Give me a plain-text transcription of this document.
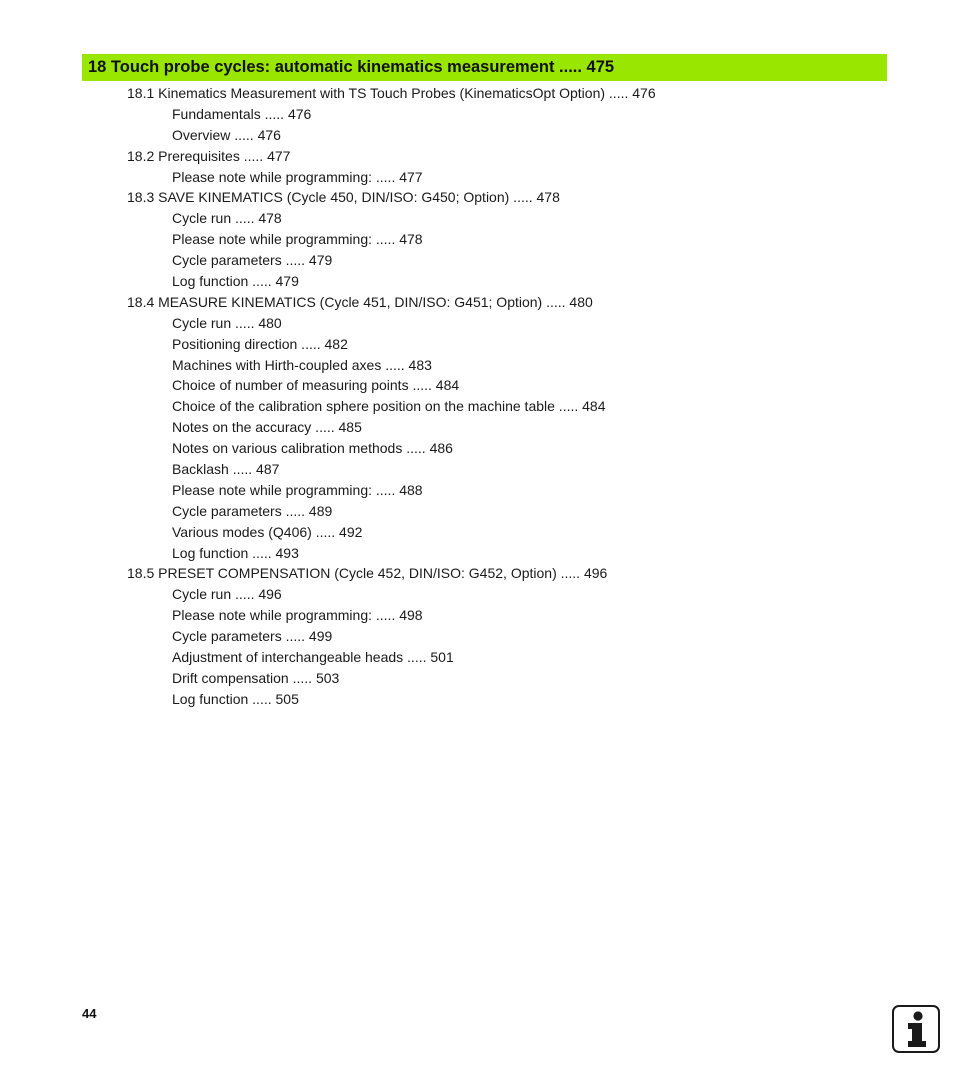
18 Touch probe cycles: automatic kinematics measurement ..... 475
18.1 Kinematics Measurement with TS Touch Probes (KinematicsOpt Option) ..... 476
Fundamentals ..... 476
Overview ..... 476
18.2 Prerequisites ..... 477
Please note while programming: ..... 477
18.3 SAVE KINEMATICS (Cycle 450, DIN/ISO: G450; Option) ..... 478
Cycle run ..... 478
Please note while programming: ..... 478
Cycle parameters ..... 479
Log function ..... 479
18.4 MEASURE KINEMATICS (Cycle 451, DIN/ISO: G451; Option) ..... 480
Cycle run ..... 480
Positioning direction ..... 482
Machines with Hirth-coupled axes ..... 483
Choice of number of measuring points ..... 484
Choice of the calibration sphere position on the machine table ..... 484
Notes on the accuracy ..... 485
Notes on various calibration methods ..... 486
Backlash ..... 487
Please note while programming: ..... 488
Cycle parameters ..... 489
Various modes (Q406) ..... 492
Log function ..... 493
18.5 PRESET COMPENSATION (Cycle 452, DIN/ISO: G452, Option) ..... 496
Cycle run ..... 496
Please note while programming: ..... 498
Cycle parameters ..... 499
Adjustment of interchangeable heads ..... 501
Drift compensation ..... 503
Log function ..... 505
44
